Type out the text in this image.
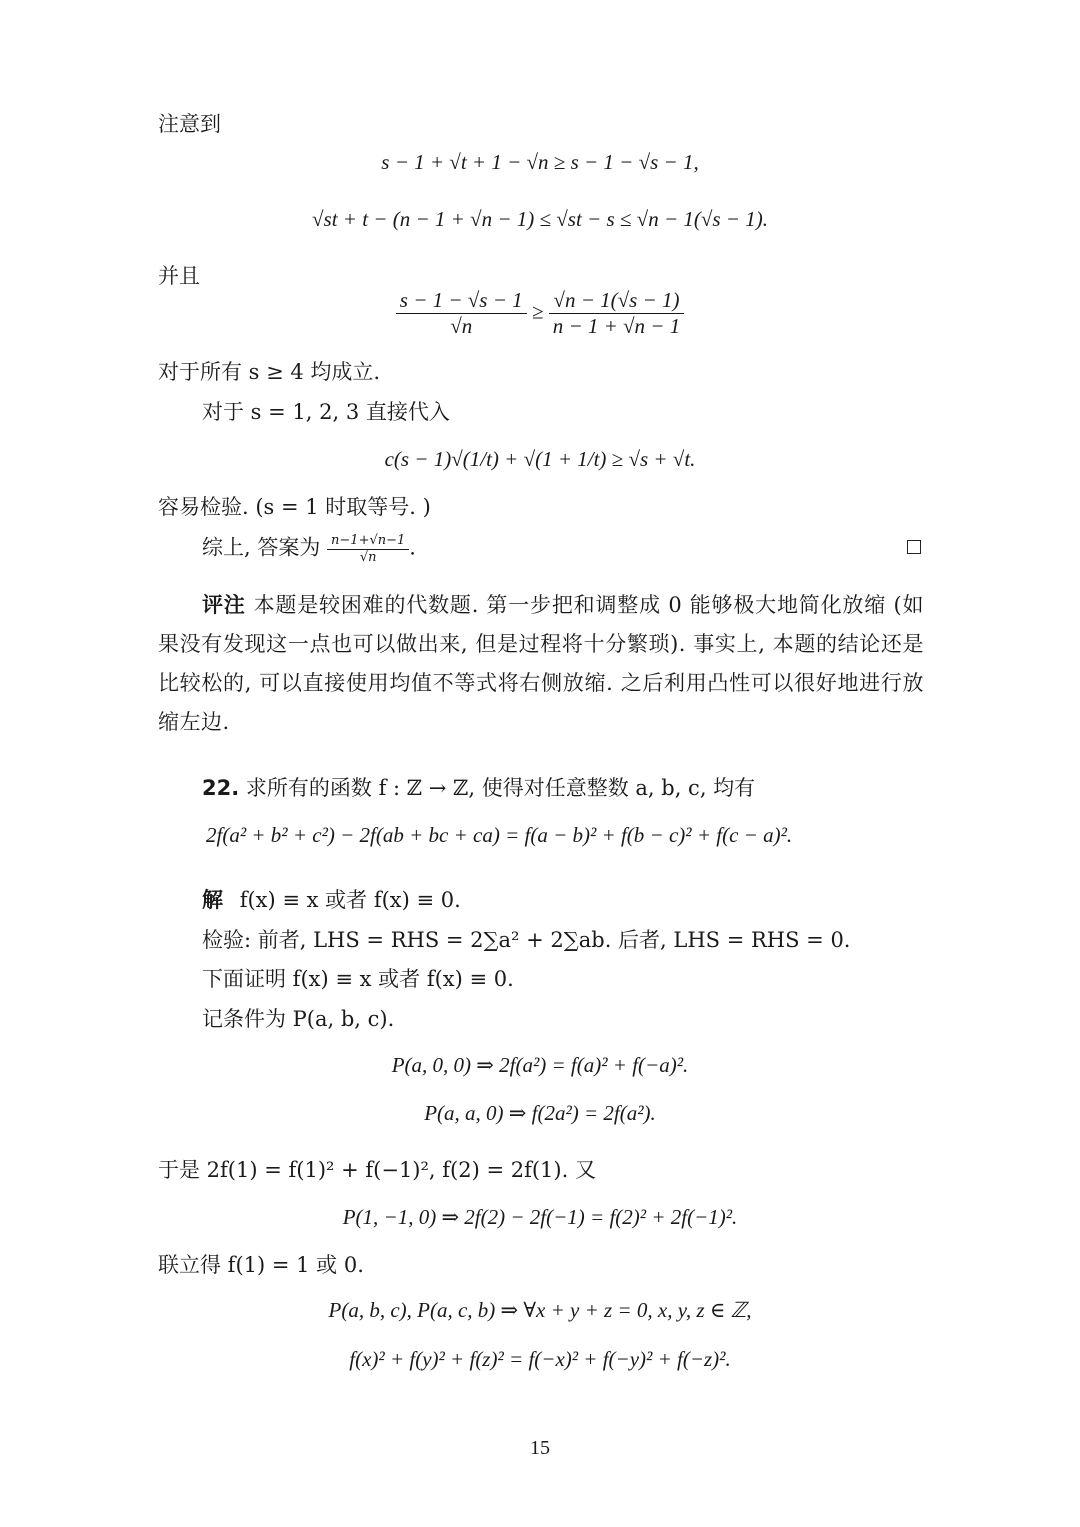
注意到
s − 1 + √t + 1 − √n ≥ s − 1 − √s − 1,
√st + t − (n − 1 + √n − 1) ≤ √st − s ≤ √n − 1(√s − 1).
并且
$\frac{s - 1 - √s - 1}{√n} \ge \frac{√n - 1(√s - 1)}{n - 1 + √n - 1}$
对于所有 s ≥ 4 均成立.
对于 s = 1, 2, 3 直接代入
c(s − 1)√(1/t) + √(1 + 1/t) ≥ √s + √t.
容易检验. (s = 1 时取等号. )
综上, 答案为 $\frac{n-1+√n-1}{√n}$ .
评注 本题是较困难的代数题. 第一步把和调整成 0 能够极大地简化放缩 (如果没有发现这一点也可以做出来, 但是过程将十分繁琐). 事实上, 本题的结论还是比较松的, 可以直接使用均值不等式将右侧放缩. 之后利用凸性可以很好地进行放缩左边.
22. 求所有的函数 f : ℤ → ℤ, 使得对任意整数 a, b, c, 均有
2f(a² + b² + c²) − 2f(ab + bc + ca) = f(a − b)² + f(b − c)² + f(c − a)².
解 f(x) ≡ x 或者 f(x) ≡ 0.
检验: 前者, LHS = RHS = 2∑a² + 2∑ab. 后者, LHS = RHS = 0.
下面证明 f(x) ≡ x 或者 f(x) ≡ 0.
记条件为 P(a, b, c).
P(a, 0, 0) ⇒ 2f(a²) = f(a)² + f(−a)².
P(a, a, 0) ⇒ f(2a²) = 2f(a²).
于是 2f(1) = f(1)² + f(−1)², f(2) = 2f(1). 又
P(1, −1, 0) ⇒ 2f(2) − 2f(−1) = f(2)² + 2f(−1)².
联立得 f(1) = 1 或 0.
P(a, b, c), P(a, c, b) ⇒ ∀x + y + z = 0, x, y, z ∈ ℤ,
f(x)² + f(y)² + f(z)² = f(−x)² + f(−y)² + f(−z)².
15
